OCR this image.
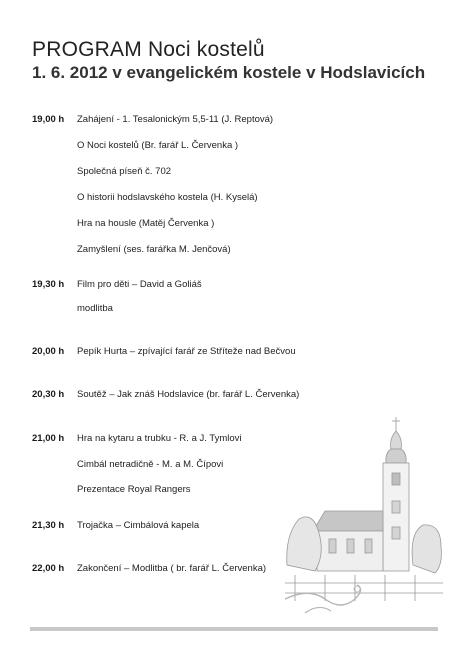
PROGRAM Noci kostelů
1. 6. 2012 v evangelickém kostele v Hodslavicích
19,00 h Zahájení - 1. Tesalonickým 5,5-11 (J. Reptová)
O Noci kostelů (Br. farář L. Červenka )
Společná píseň č. 702
O historii hodslavského kostela (H. Kyselá)
Hra na housle (Matěj Červenka )
Zamyšlení (ses. farářka M. Jenčová)
19,30 h Film pro děti – David a Goliáš
modlitba
20,00 h Pepík Hurta – zpívající farář ze Stříteže nad Bečvou
20,30 h Soutěž – Jak znáš Hodslavice (br. farář L. Červenka)
21,00 h Hra na kytaru a trubku - R. a J. Tymlovi
Cimbál netradičně - M. a M. Čípovi
Prezentace Royal Rangers
21,30 h Trojačka – Cimbálová kapela
22,00 h Zakončení – Modlitba ( br. farář L. Červenka)
